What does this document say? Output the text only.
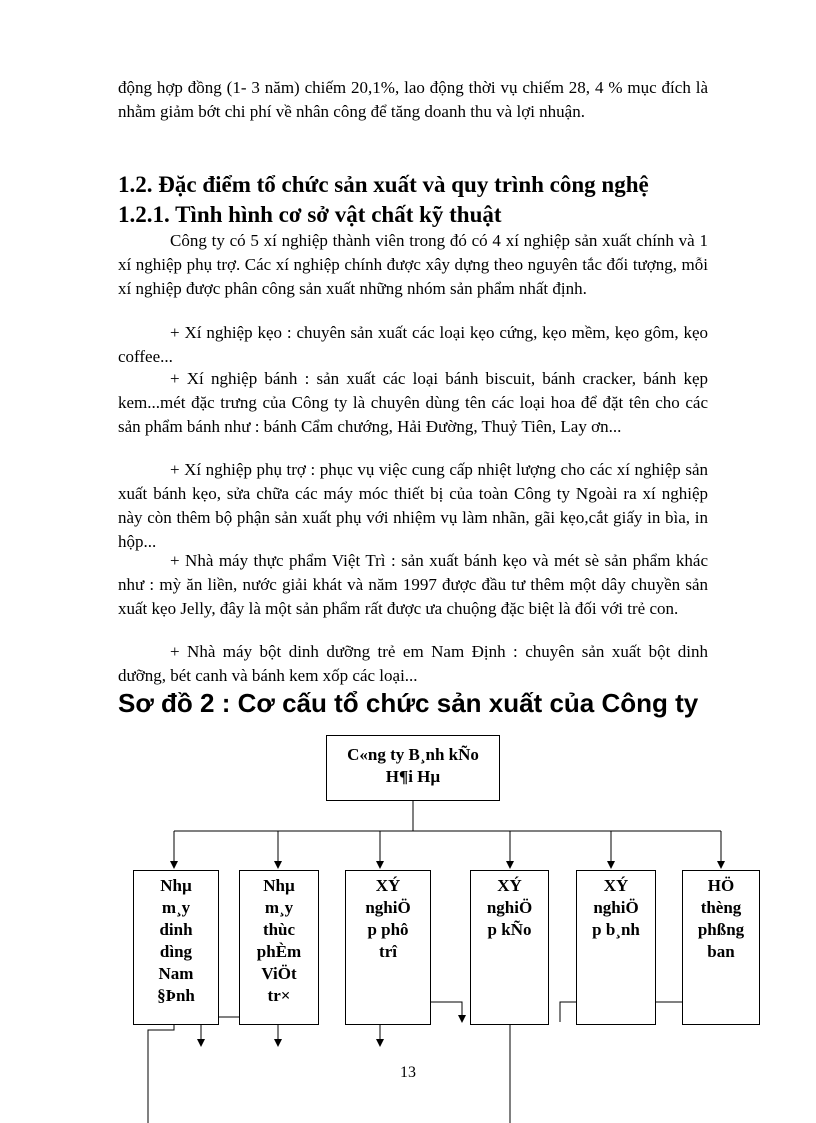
động hợp đồng (1- 3 năm) chiếm 20,1%, lao động thời vụ chiếm 28, 4 % mục đích là nhằm giảm bớt chi phí về nhân công để tăng doanh thu và lợi nhuận.

1.2. Đặc điểm tổ chức sản xuất và quy trình công nghệ
1.2.1. Tình hình cơ sở vật chất kỹ thuật

Công ty có 5 xí nghiệp thành viên trong đó có 4 xí nghiệp sản xuất chính và 1 xí nghiệp phụ trợ. Các xí nghiệp chính được xây dựng theo nguyên tắc đối tượng, mỗi xí nghiệp được phân công sản xuất những nhóm sản phẩm nhất định.

+ Xí nghiệp kẹo : chuyên sản xuất các loại kẹo cứng, kẹo mềm, kẹo gôm, kẹo coffee...

+ Xí nghiệp bánh : sản xuất các loại bánh biscuit, bánh cracker, bánh kẹp kem...mét đặc trưng của Công ty là chuyên dùng tên các loại hoa để đặt tên cho các sản phẩm bánh như : bánh Cẩm chướng, Hải Đường, Thuỷ Tiên, Lay ơn...

+ Xí nghiệp phụ trợ : phục vụ việc cung cấp nhiệt lượng cho các xí nghiệp sản xuất bánh kẹo, sửa chữa các máy móc thiết bị của toàn Công ty Ngoài ra xí nghiệp này còn thêm bộ phận sản xuất phụ với nhiệm vụ làm nhãn, gãi kẹo,cắt giấy in bìa, in hộp...

+ Nhà máy thực phẩm Việt Trì : sản xuất bánh kẹo và mét sè sản phẩm khác như : mỳ ăn liền, nước giải khát và năm 1997 được đầu tư thêm một dây chuyền sản xuất kẹo Jelly, đây là một sản phẩm rất được ưa chuộng đặc biệt là đối với trẻ con.

+ Nhà máy bột dinh dưỡng trẻ em Nam Định : chuyên sản xuất bột dinh dưỡng, bét canh và bánh kem xốp các loại...

Sơ đồ 2 : Cơ cấu tổ chức sản xuất của Công ty
C«ng ty B¸nh kÑo
H¶i Hµ
Nhµ
m¸y
dinh
dìng
Nam
§Þnh
Nhµ
m¸y
thùc
phÈm
ViÖt
tr×
XÝ
nghiÖ
p phô
trî
XÝ
nghiÖ
p kÑo
XÝ
nghiÖ
p b¸nh
HÖ
thèng
phßng
ban
13
